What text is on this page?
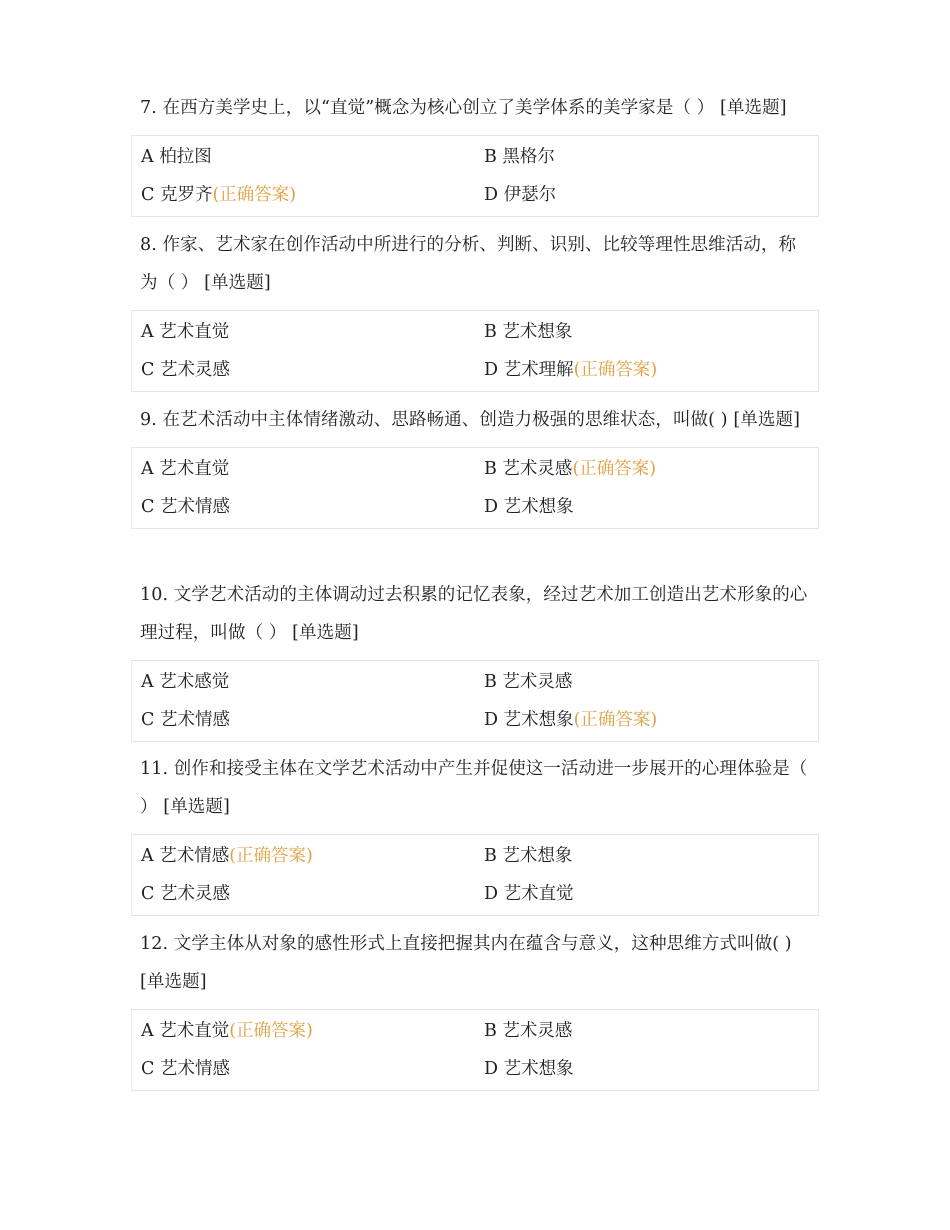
7. 在西方美学史上，以“直觉”概念为核心创立了美学体系的美学家是（ ） [单选题]

A 柏拉图	B 黑格尔
C 克罗齐(正确答案)	D 伊瑟尔

8. 作家、艺术家在创作活动中所进行的分析、判断、识别、比较等理性思维活动，称为（ ） [单选题]

A 艺术直觉	B 艺术想象
C 艺术灵感	D 艺术理解(正确答案)

9. 在艺术活动中主体情绪激动、思路畅通、创造力极强的思维状态，叫做( ) [单选题]

A 艺术直觉	B 艺术灵感(正确答案)
C 艺术情感	D 艺术想象

10. 文学艺术活动的主体调动过去积累的记忆表象，经过艺术加工创造出艺术形象的心理过程，叫做（ ） [单选题]

A 艺术感觉	B 艺术灵感
C 艺术情感	D 艺术想象(正确答案)

11. 创作和接受主体在文学艺术活动中产生并促使这一活动进一步展开的心理体验是（ ） [单选题]

A 艺术情感(正确答案)	B 艺术想象
C 艺术灵感	D 艺术直觉

12. 文学主体从对象的感性形式上直接把握其内在蕴含与意义，这种思维方式叫做( ) [单选题]

A 艺术直觉(正确答案)	B 艺术灵感
C 艺术情感	D 艺术想象
